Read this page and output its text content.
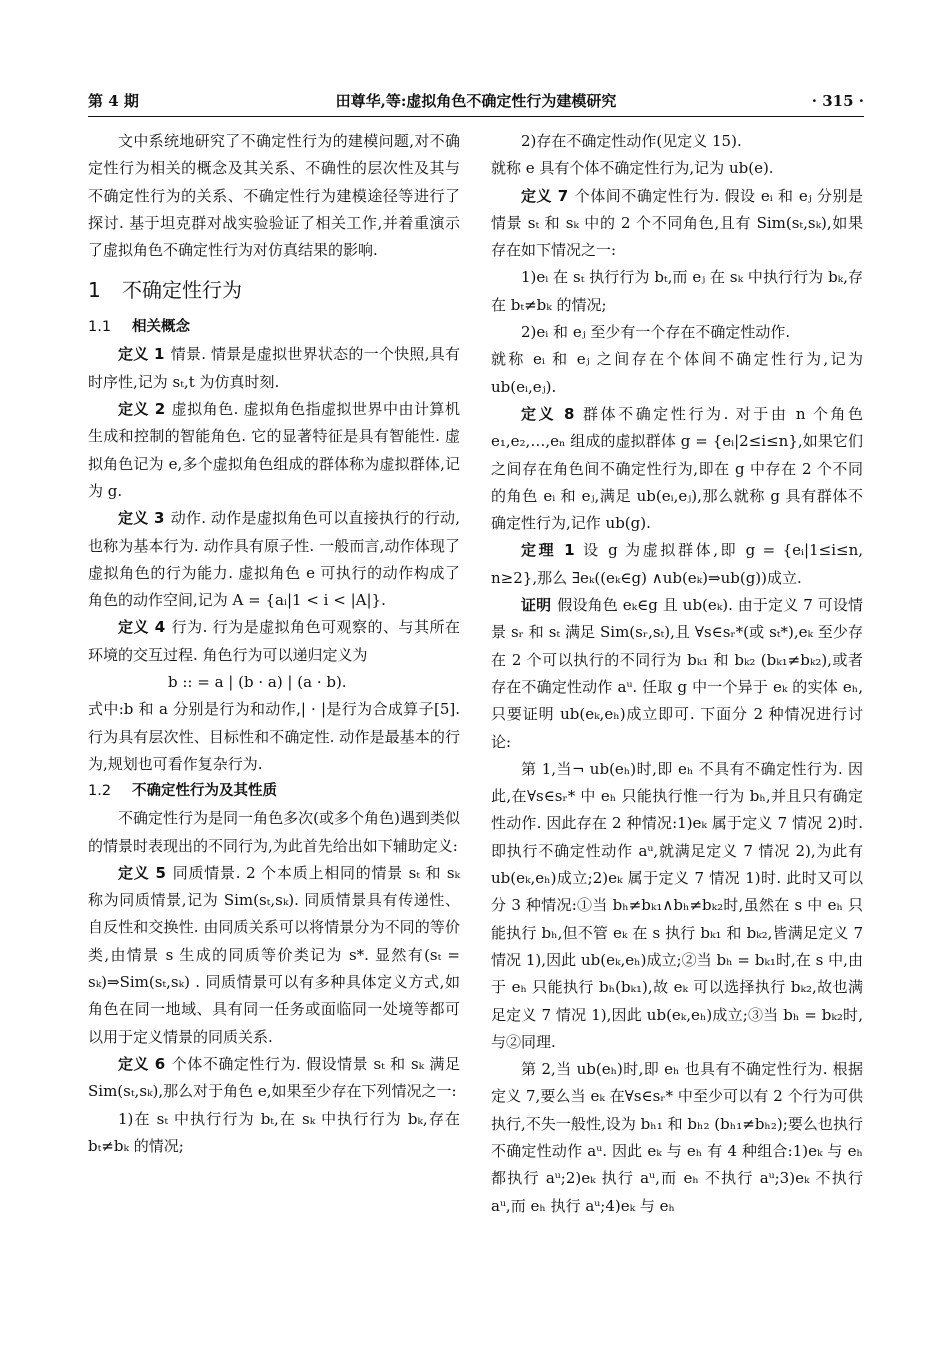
第 4 期	田尊华,等:虚拟角色不确定性行为建模研究	· 315 ·

文中系统地研究了不确定性行为的建模问题,对不确定性行为相关的概念及其关系、不确性的层次性及其与不确定性行为的关系、不确定性行为建模途径等进行了探讨. 基于坦克群对战实验验证了相关工作,并着重演示了虚拟角色不确定性行为对仿真结果的影响.

1 不确定性行为
1.1 相关概念

定义 1 情景. 情景是虚拟世界状态的一个快照,具有时序性,记为 sₜ,t 为仿真时刻.

定义 2 虚拟角色. 虚拟角色指虚拟世界中由计算机生成和控制的智能角色. 它的显著特征是具有智能性. 虚拟角色记为 e,多个虚拟角色组成的群体称为虚拟群体,记为 g.

定义 3 动作. 动作是虚拟角色可以直接执行的行动,也称为基本行为. 动作具有原子性. 一般而言,动作体现了虚拟角色的行为能力. 虚拟角色 e 可执行的动作构成了角色的动作空间,记为 A = {aᵢ|1 < i < |A|}.

定义 4 行为. 行为是虚拟角色可观察的、与其所在环境的交互过程. 角色行为可以递归定义为

b :: = a | (b · a) | (a · b).

式中:b 和 a 分别是行为和动作,| · |是行为合成算子[5]. 行为具有层次性、目标性和不确定性. 动作是最基本的行为,规划也可看作复杂行为.

1.2 不确定性行为及其性质

不确定性行为是同一角色多次(或多个角色)遇到类似的情景时表现出的不同行为,为此首先给出如下辅助定义:

定义 5 同质情景. 2 个本质上相同的情景 sₜ 和 sₖ 称为同质情景,记为 Sim(sₜ,sₖ). 同质情景具有传递性、自反性和交换性. 由同质关系可以将情景分为不同的等价类,由情景 s 生成的同质等价类记为 s*. 显然有(sₜ = sₖ)⇒Sim(sₜ,sₖ) . 同质情景可以有多种具体定义方式,如角色在同一地域、具有同一任务或面临同一处境等都可以用于定义情景的同质关系.

定义 6 个体不确定性行为. 假设情景 sₜ 和 sₖ 满足 Sim(sₜ,sₖ),那么对于角色 e,如果至少存在下列情况之一:

1)在 sₜ 中执行行为 bₜ,在 sₖ 中执行行为 bₖ,存在 bₜ≠bₖ 的情况;

2)存在不确定性动作(见定义 15).

就称 e 具有个体不确定性行为,记为 ub(e).

定义 7 个体间不确定性行为. 假设 eᵢ 和 eⱼ 分别是情景 sₜ 和 sₖ 中的 2 个不同角色,且有 Sim(sₜ,sₖ),如果存在如下情况之一:

1)eᵢ 在 sₜ 执行行为 bₜ,而 eⱼ 在 sₖ 中执行行为 bₖ,存在 bₜ≠bₖ 的情况;

2)eᵢ 和 eⱼ 至少有一个存在不确定性动作.

就称 eᵢ 和 eⱼ 之间存在个体间不确定性行为,记为 ub(eᵢ,eⱼ).

定义 8 群体不确定性行为. 对于由 n 个角色 e₁,e₂,…,eₙ 组成的虚拟群体 g = {eᵢ|2≤i≤n},如果它们之间存在角色间不确定性行为,即在 g 中存在 2 个不同的角色 eᵢ 和 eⱼ,满足 ub(eᵢ,eⱼ),那么就称 g 具有群体不确定性行为,记作 ub(g).

定理 1 设 g 为虚拟群体,即 g = {eᵢ|1≤i≤n, n≥2},那么 ∃eₖ((eₖ∈g) ∧ub(eₖ)⇒ub(g))成立.

证明 假设角色 eₖ∈g 且 ub(eₖ). 由于定义 7 可设情景 sᵣ 和 sₜ 满足 Sim(sᵣ,sₜ),且 ∀s∈sᵣ*(或 sₜ*),eₖ 至少存在 2 个可以执行的不同行为 bₖ₁ 和 bₖ₂ (bₖ₁≠bₖ₂),或者存在不确定性动作 aᵘ. 任取 g 中一个异于 eₖ 的实体 eₕ,只要证明 ub(eₖ,eₕ)成立即可. 下面分 2 种情况进行讨论:

第 1,当¬ ub(eₕ)时,即 eₕ 不具有不确定性行为. 因此,在∀s∈sᵣ* 中 eₕ 只能执行惟一行为 bₕ,并且只有确定性动作. 因此存在 2 种情况:1)eₖ 属于定义 7 情况 2)时. 即执行不确定性动作 aᵘ,就满足定义 7 情况 2),为此有 ub(eₖ,eₕ)成立;2)eₖ 属于定义 7 情况 1)时. 此时又可以分 3 种情况:①当 bₕ≠bₖ₁∧bₕ≠bₖ₂时,虽然在 s 中 eₕ 只能执行 bₕ,但不管 eₖ 在 s 执行 bₖ₁ 和 bₖ₂,皆满足定义 7 情况 1),因此 ub(eₖ,eₕ)成立;②当 bₕ = bₖ₁时,在 s 中,由于 eₕ 只能执行 bₕ(bₖ₁),故 eₖ 可以选择执行 bₖ₂,故也满足定义 7 情况 1),因此 ub(eₖ,eₕ)成立;③当 bₕ = bₖ₂时,与②同理.

第 2,当 ub(eₕ)时,即 eₕ 也具有不确定性行为. 根据定义 7,要么当 eₖ 在∀s∈sᵣ* 中至少可以有 2 个行为可供执行,不失一般性,设为 bₕ₁ 和 bₕ₂ (bₕ₁≠bₕ₂);要么也执行不确定性动作 aᵘ. 因此 eₖ 与 eₕ 有 4 种组合:1)eₖ 与 eₕ 都执行 aᵘ;2)eₖ 执行 aᵘ,而 eₕ 不执行 aᵘ;3)eₖ 不执行 aᵘ,而 eₕ 执行 aᵘ;4)eₖ 与 eₕ
